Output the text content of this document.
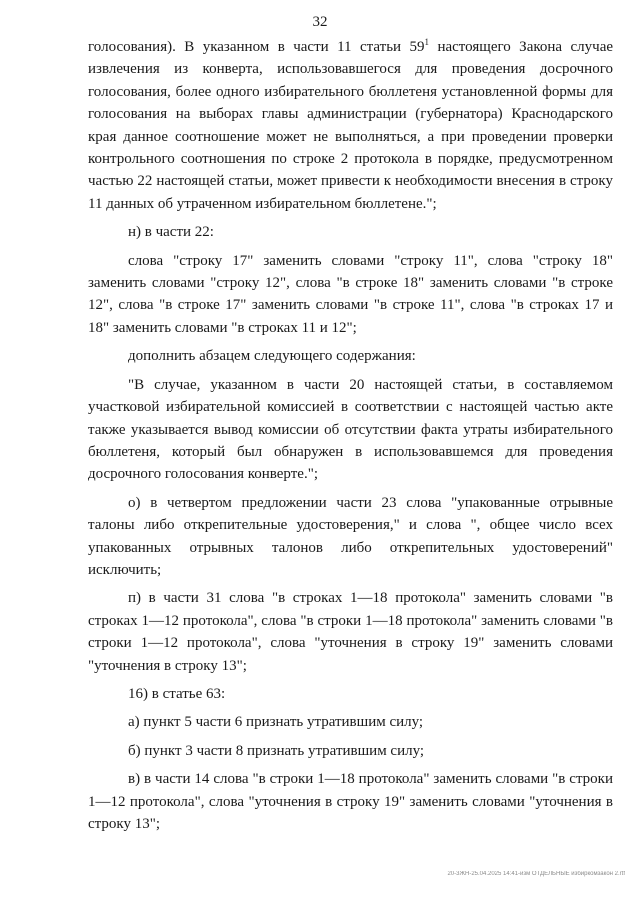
32

голосования). В указанном в части 11 статьи $59^1$ настоящего Закона случае извлечения из конверта, использовавшегося для проведения досрочного голосования, более одного избирательного бюллетеня установленной формы для голосования на выборах главы администрации (губернатора) Краснодарского края данное соотношение может не выполняться, а при проведении проверки контрольного соотношения по строке 2 протокола в порядке, предусмотренном частью 22 настоящей статьи, может привести к необходимости внесения в строку 11 данных об утраченном избирательном бюллетене.";

н) в части 22:

слова "строку 17" заменить словами "строку 11", слова "строку 18" заменить словами "строку 12", слова "в строке 18" заменить словами "в строке 12", слова "в строке 17" заменить словами "в строке 11", слова "в строках 17 и 18" заменить словами "в строках 11 и 12";

дополнить абзацем следующего содержания:

"В случае, указанном в части 20 настоящей статьи, в составляемом участковой избирательной комиссией в соответствии с настоящей частью акте также указывается вывод комиссии об отсутствии факта утраты избирательного бюллетеня, который был обнаружен в использовавшемся для проведения досрочного голосования конверте.";

о) в четвертом предложении части 23 слова "упакованные отрывные талоны либо открепительные удостоверения," и слова ", общее число всех упакованных отрывных талонов либо открепительных удостоверений" исключить;

п) в части 31 слова "в строках 1—18 протокола" заменить словами "в строках 1—12 протокола", слова "в строки 1—18 протокола" заменить словами "в строки 1—12 протокола", слова "уточнения в строку 19" заменить словами "уточнения в строку 13";

16) в статье 63:

а) пункт 5 части 6 признать утратившим силу;

б) пункт 3 части 8 признать утратившим силу;

в) в части 14 слова "в строки 1—18 протокола" заменить словами "в строки 1—12 протокола", слова "уточнения в строку 19" заменить словами "уточнения в строку 13";

20-3ЖН-25.04.2025 14:41-изм ОТДЕЛЬНЫЕ избиркомзакон 2.rtf
